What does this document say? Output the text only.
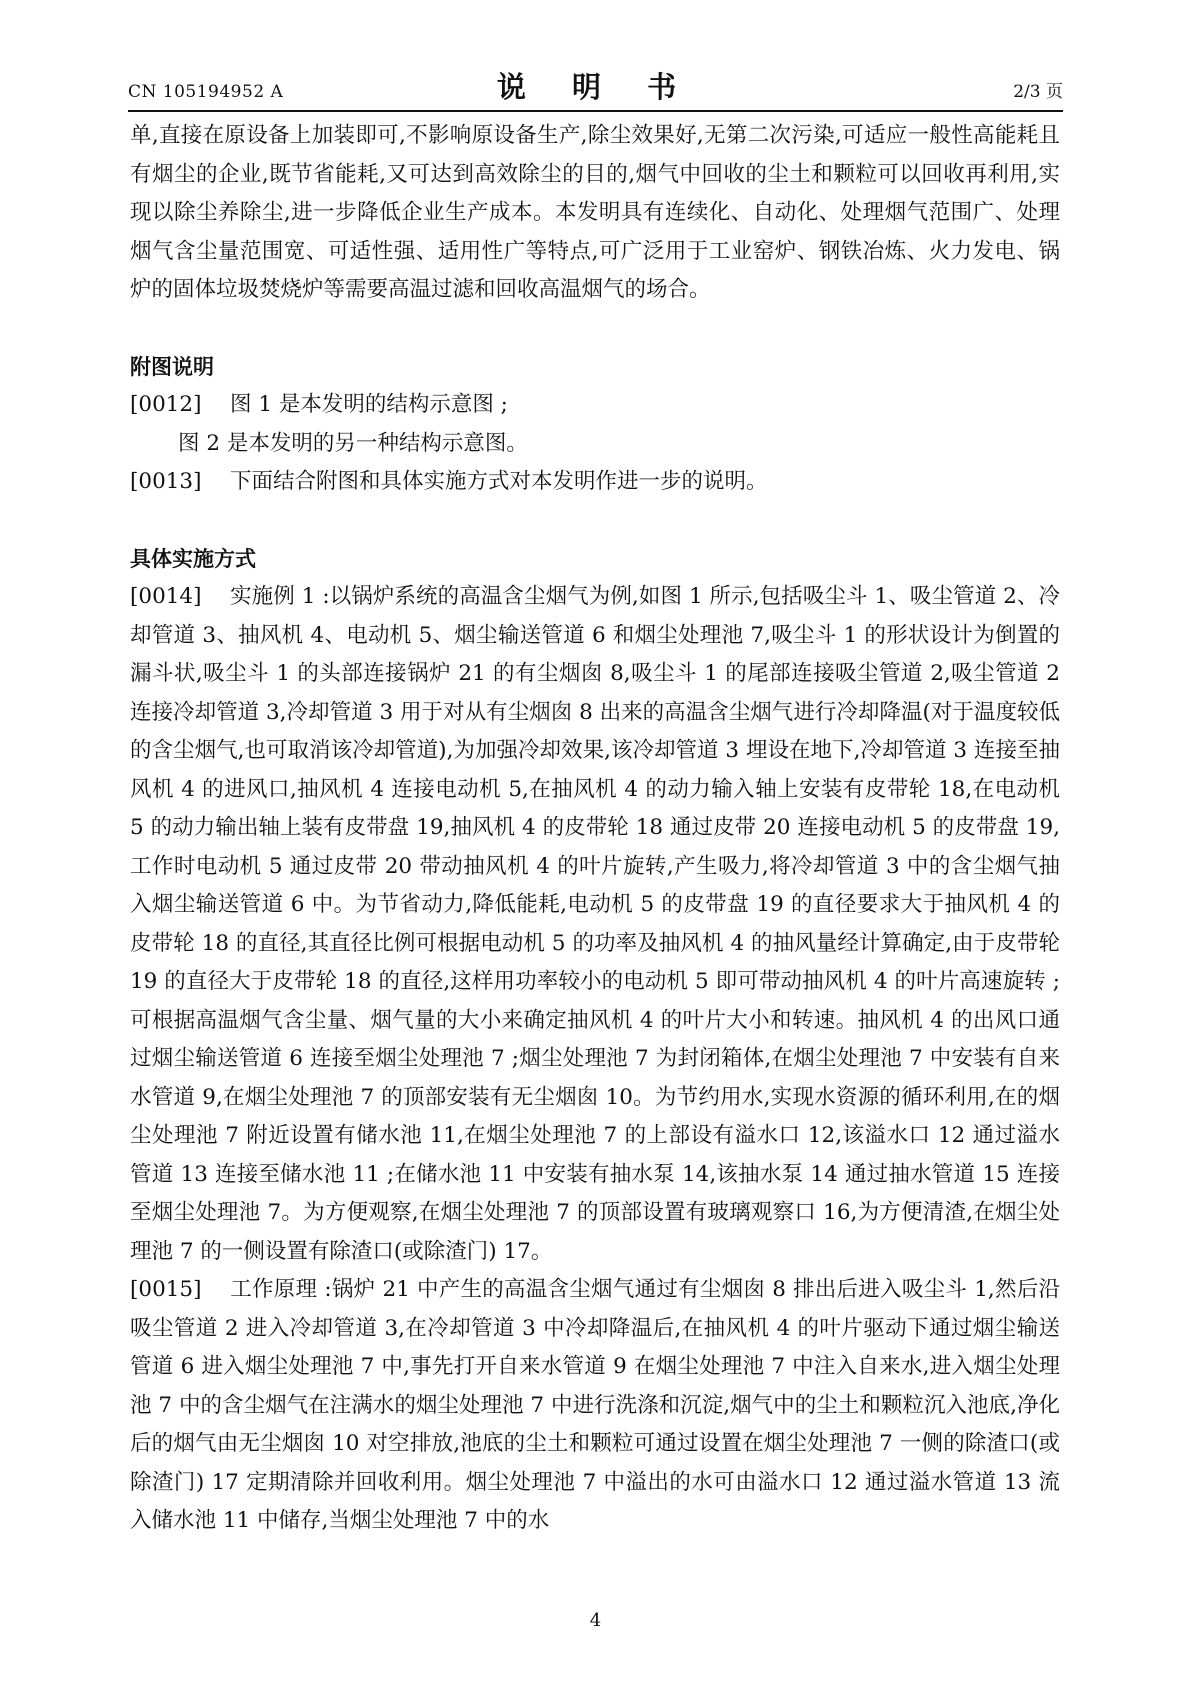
CN 105194952 A	说 明 书	2/3 页

单,直接在原设备上加装即可,不影响原设备生产,除尘效果好,无第二次污染,可适应一般性高能耗且有烟尘的企业,既节省能耗,又可达到高效除尘的目的,烟气中回收的尘土和颗粒可以回收再利用,实现以除尘养除尘,进一步降低企业生产成本。本发明具有连续化、自动化、处理烟气范围广、处理烟气含尘量范围宽、可适性强、适用性广等特点,可广泛用于工业窑炉、钢铁冶炼、火力发电、锅炉的固体垃圾焚烧炉等需要高温过滤和回收高温烟气的场合。

附图说明

[0012] 图 1 是本发明的结构示意图 ;

图 2 是本发明的另一种结构示意图。

[0013] 下面结合附图和具体实施方式对本发明作进一步的说明。

具体实施方式

[0014] 实施例 1 :以锅炉系统的高温含尘烟气为例,如图 1 所示,包括吸尘斗 1、吸尘管道 2、冷却管道 3、抽风机 4、电动机 5、烟尘输送管道 6 和烟尘处理池 7,吸尘斗 1 的形状设计为倒置的漏斗状,吸尘斗 1 的头部连接锅炉 21 的有尘烟囱 8,吸尘斗 1 的尾部连接吸尘管道 2,吸尘管道 2 连接冷却管道 3,冷却管道 3 用于对从有尘烟囱 8 出来的高温含尘烟气进行冷却降温(对于温度较低的含尘烟气,也可取消该冷却管道),为加强冷却效果,该冷却管道 3 埋设在地下,冷却管道 3 连接至抽风机 4 的进风口,抽风机 4 连接电动机 5,在抽风机 4 的动力输入轴上安装有皮带轮 18,在电动机 5 的动力输出轴上装有皮带盘 19,抽风机 4 的皮带轮 18 通过皮带 20 连接电动机 5 的皮带盘 19,工作时电动机 5 通过皮带 20 带动抽风机 4 的叶片旋转,产生吸力,将冷却管道 3 中的含尘烟气抽入烟尘输送管道 6 中。为节省动力,降低能耗,电动机 5 的皮带盘 19 的直径要求大于抽风机 4 的皮带轮 18 的直径,其直径比例可根据电动机 5 的功率及抽风机 4 的抽风量经计算确定,由于皮带轮 19 的直径大于皮带轮 18 的直径,这样用功率较小的电动机 5 即可带动抽风机 4 的叶片高速旋转 ;可根据高温烟气含尘量、烟气量的大小来确定抽风机 4 的叶片大小和转速。抽风机 4 的出风口通过烟尘输送管道 6 连接至烟尘处理池 7 ;烟尘处理池 7 为封闭箱体,在烟尘处理池 7 中安装有自来水管道 9,在烟尘处理池 7 的顶部安装有无尘烟囱 10。为节约用水,实现水资源的循环利用,在的烟尘处理池 7 附近设置有储水池 11,在烟尘处理池 7 的上部设有溢水口 12,该溢水口 12 通过溢水管道 13 连接至储水池 11 ;在储水池 11 中安装有抽水泵 14,该抽水泵 14 通过抽水管道 15 连接至烟尘处理池 7。为方便观察,在烟尘处理池 7 的顶部设置有玻璃观察口 16,为方便清渣,在烟尘处理池 7 的一侧设置有除渣口(或除渣门) 17。

[0015] 工作原理 :锅炉 21 中产生的高温含尘烟气通过有尘烟囱 8 排出后进入吸尘斗 1,然后沿吸尘管道 2 进入冷却管道 3,在冷却管道 3 中冷却降温后,在抽风机 4 的叶片驱动下通过烟尘输送管道 6 进入烟尘处理池 7 中,事先打开自来水管道 9 在烟尘处理池 7 中注入自来水,进入烟尘处理池 7 中的含尘烟气在注满水的烟尘处理池 7 中进行洗涤和沉淀,烟气中的尘土和颗粒沉入池底,净化后的烟气由无尘烟囱 10 对空排放,池底的尘土和颗粒可通过设置在烟尘处理池 7 一侧的除渣口(或除渣门) 17 定期清除并回收利用。烟尘处理池 7 中溢出的水可由溢水口 12 通过溢水管道 13 流入储水池 11 中储存,当烟尘处理池 7 中的水

4
